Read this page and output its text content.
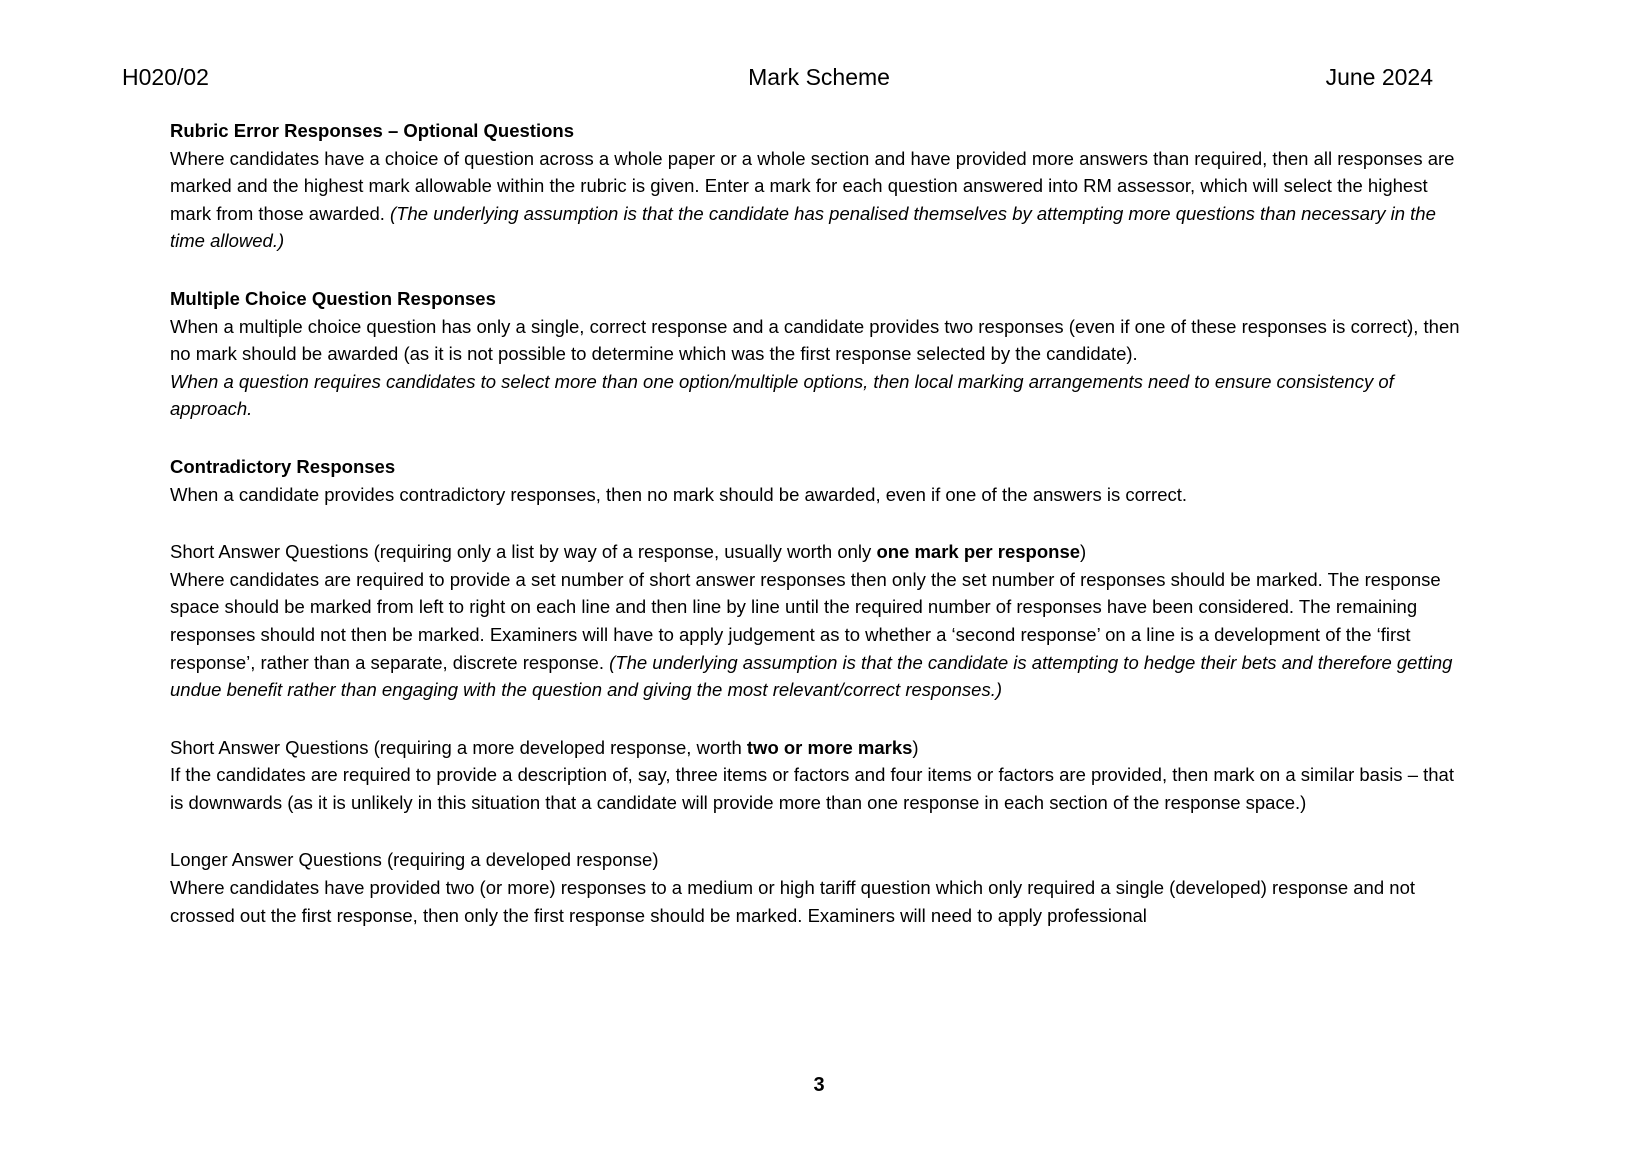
H020/02	Mark Scheme	June 2024
Rubric Error Responses – Optional Questions

Where candidates have a choice of question across a whole paper or a whole section and have provided more answers than required, then all responses are marked and the highest mark allowable within the rubric is given. Enter a mark for each question answered into RM assessor, which will select the highest mark from those awarded. (The underlying assumption is that the candidate has penalised themselves by attempting more questions than necessary in the time allowed.)

Multiple Choice Question Responses

When a multiple choice question has only a single, correct response and a candidate provides two responses (even if one of these responses is correct), then no mark should be awarded (as it is not possible to determine which was the first response selected by the candidate).

When a question requires candidates to select more than one option/multiple options, then local marking arrangements need to ensure consistency of approach.

Contradictory Responses

When a candidate provides contradictory responses, then no mark should be awarded, even if one of the answers is correct.

Short Answer Questions (requiring only a list by way of a response, usually worth only one mark per response)

Where candidates are required to provide a set number of short answer responses then only the set number of responses should be marked. The response space should be marked from left to right on each line and then line by line until the required number of responses have been considered. The remaining responses should not then be marked. Examiners will have to apply judgement as to whether a ‘second response’ on a line is a development of the ‘first response’, rather than a separate, discrete response. (The underlying assumption is that the candidate is attempting to hedge their bets and therefore getting undue benefit rather than engaging with the question and giving the most relevant/correct responses.)

Short Answer Questions (requiring a more developed response, worth two or more marks)

If the candidates are required to provide a description of, say, three items or factors and four items or factors are provided, then mark on a similar basis – that is downwards (as it is unlikely in this situation that a candidate will provide more than one response in each section of the response space.)

Longer Answer Questions (requiring a developed response)

Where candidates have provided two (or more) responses to a medium or high tariff question which only required a single (developed) response and not crossed out the first response, then only the first response should be marked. Examiners will need to apply professional

3
